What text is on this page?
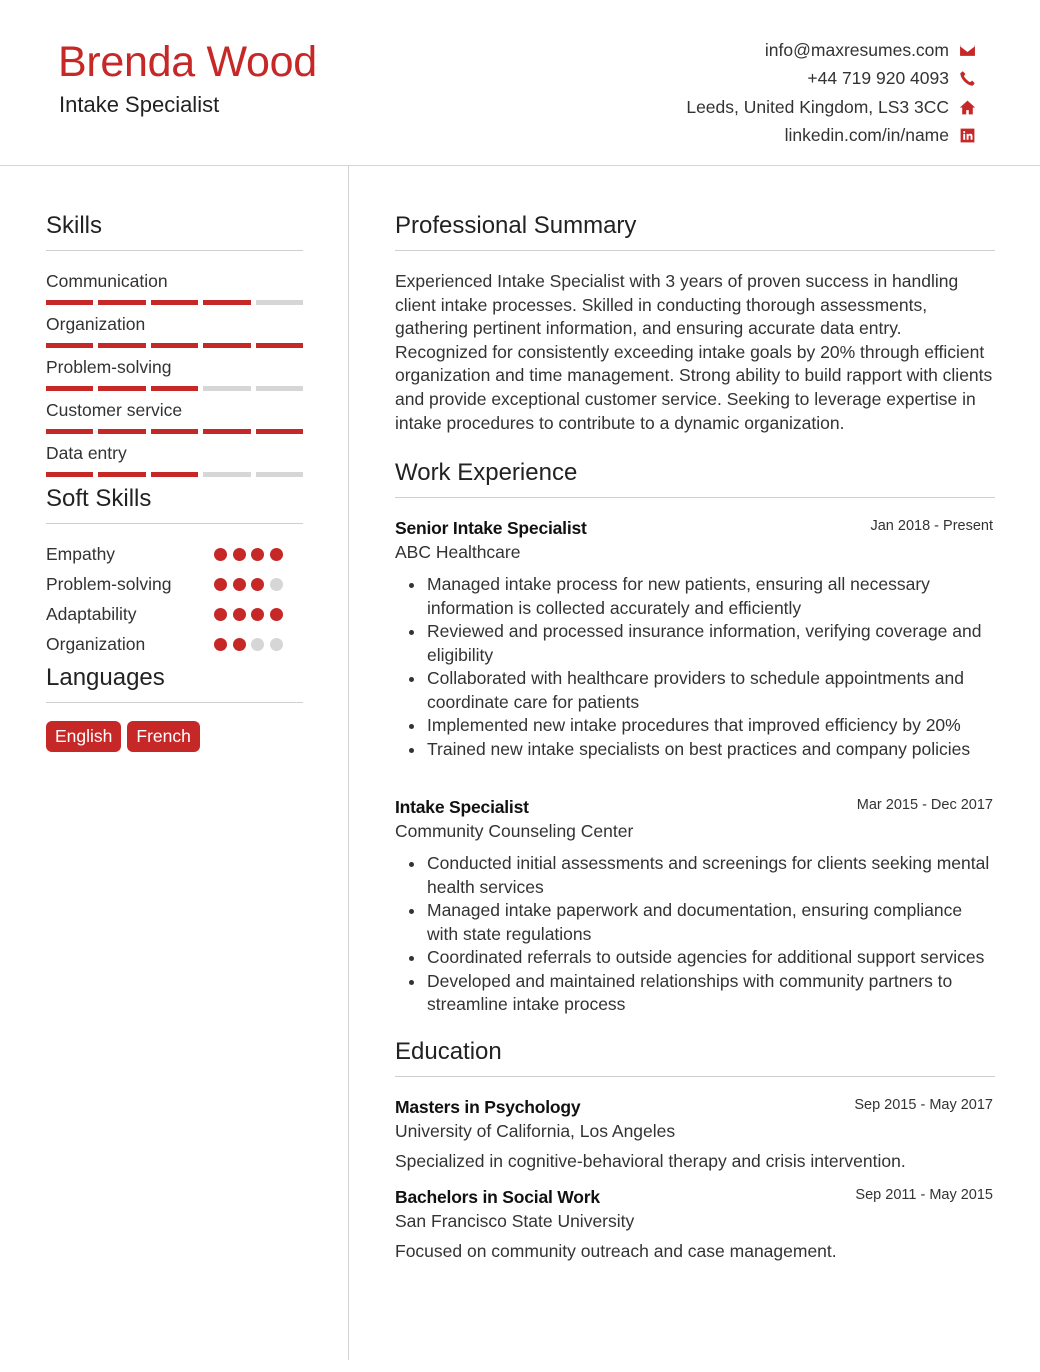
Brenda Wood
Intake Specialist
info@maxresumes.com
+44 719 920 4093
Leeds, United Kingdom, LS3 3CC
linkedin.com/in/name
Skills
Communication
Organization
Problem-solving
Customer service
Data entry
Soft Skills
Empathy
Problem-solving
Adaptability
Organization
Languages
English	French
Professional Summary
Experienced Intake Specialist with 3 years of proven success in handling client intake processes. Skilled in conducting thorough assessments, gathering pertinent information, and ensuring accurate data entry. Recognized for consistently exceeding intake goals by 20% through efficient organization and time management. Strong ability to build rapport with clients and provide exceptional customer service. Seeking to leverage expertise in intake procedures to contribute to a dynamic organization.
Work Experience
Senior Intake Specialist	Jan 2018 - Present
ABC Healthcare
Managed intake process for new patients, ensuring all necessary information is collected accurately and efficiently
Reviewed and processed insurance information, verifying coverage and eligibility
Collaborated with healthcare providers to schedule appointments and coordinate care for patients
Implemented new intake procedures that improved efficiency by 20%
Trained new intake specialists on best practices and company policies
Intake Specialist	Mar 2015 - Dec 2017
Community Counseling Center
Conducted initial assessments and screenings for clients seeking mental health services
Managed intake paperwork and documentation, ensuring compliance with state regulations
Coordinated referrals to outside agencies for additional support services
Developed and maintained relationships with community partners to streamline intake process
Education
Masters in Psychology	Sep 2015 - May 2017
University of California, Los Angeles
Specialized in cognitive-behavioral therapy and crisis intervention.
Bachelors in Social Work	Sep 2011 - May 2015
San Francisco State University
Focused on community outreach and case management.
